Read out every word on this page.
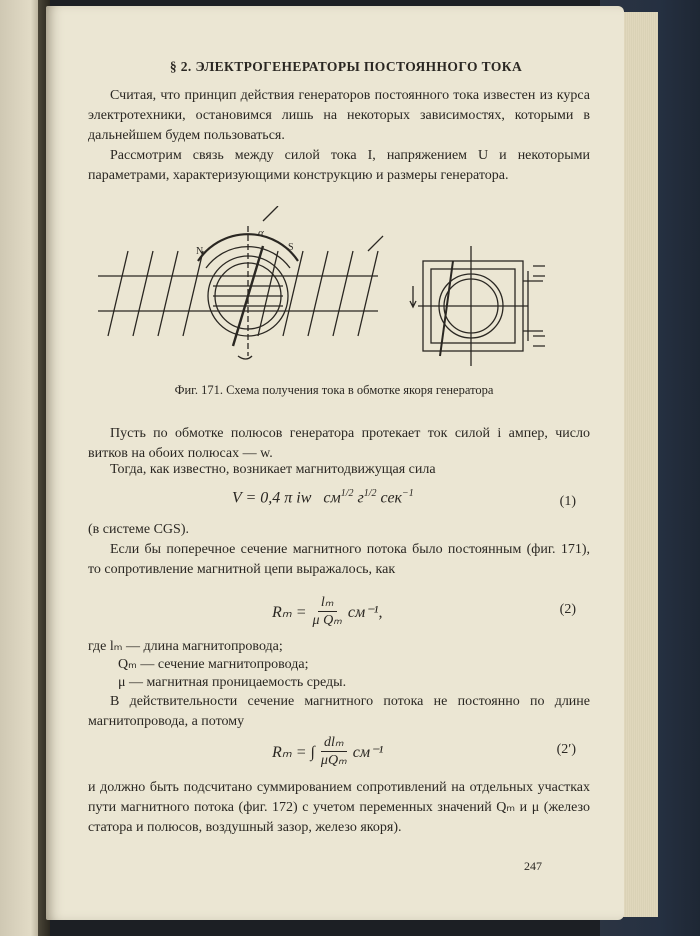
§ 2. ЭЛЕКТРОГЕНЕРАТОРЫ ПОСТОЯННОГО ТОКА
Считая, что принцип действия генераторов постоянного тока известен из курса электротехники, остановимся лишь на некоторых зависимостях, которыми в дальнейшем будем пользоваться.
Рассмотрим связь между силой тока I, напряжением U и некоторыми параметрами, характеризующими конструкцию и размеры генератора.
α
N	S
Фиг. 171. Схема получения тока в обмотке якоря генератора
Пусть по обмотке полюсов генератора протекает ток силой i ампер, число витков на обоих полюсах — w.
Тогда, как известно, возникает магнитодвижущая сила
V = 0,4 π iw $см^{1/2}$ $г^{1/2}$ сек$^{-1}$
(1)
(в системе CGS).
Если бы поперечное сечение магнитного потока было постоянным (фиг. 171), то сопротивление магнитной цепи выражалось, как
$R_m = \frac{\text{lₘ}}{\text{μ Qₘ}} см^{-1}$,	(2)
где lₘ — длина магнитопровода;
Qₘ — сечение магнитопровода;
μ — магнитная проницаемость среды.
В действительности сечение магнитного потока не постоянно по длине магнитопровода, а потому
Rₘ = ∫
dlₘ
μQₘ см⁻¹	(2′)
и должно быть подсчитано суммированием сопротивлений на отдельных участках пути магнитного потока (фиг. 172) с учетом переменных значений Qₘ и μ (железо статора и полюсов, воздушный зазор, железо якоря).
247
